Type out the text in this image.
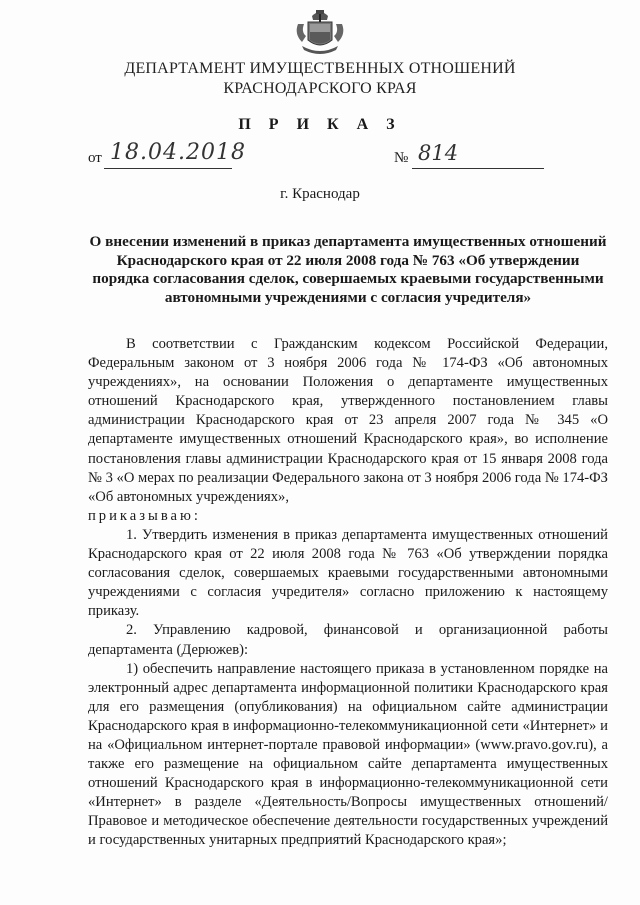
ДЕПАРТАМЕНТ ИМУЩЕСТВЕННЫХ ОТНОШЕНИЙ
КРАСНОДАРСКОГО КРАЯ
П Р И К А З
от 18.04.2018	№ 814
г. Краснодар
О внесении изменений в приказ департамента имущественных отношений Краснодарского края от 22 июля 2008 года № 763 «Об утверждении порядка согласования сделок, совершаемых краевыми государственными автономными учреждениями с согласия учредителя»

В соответствии с Гражданским кодексом Российской Федерации, Федеральным законом от 3 ноября 2006 года № 174-ФЗ «Об автономных учреждениях», на основании Положения о департаменте имущественных отношений Краснодарского края, утвержденного постановлением главы администрации Краснодарского края от 23 апреля 2007 года № 345 «О департаменте имущественных отношений Краснодарского края», во исполнение постановления главы администрации Краснодарского края от 15 января 2008 года № 3 «О мерах по реализации Федерального закона от 3 ноября 2006 года № 174-ФЗ «Об автономных учреждениях»,

приказываю:

1. Утвердить изменения в приказ департамента имущественных отношений Краснодарского края от 22 июля 2008 года № 763 «Об утверждении порядка согласования сделок, совершаемых краевыми государственными автономными учреждениями с согласия учредителя» согласно приложению к настоящему приказу.

2. Управлению кадровой, финансовой и организационной работы департамента (Дерюжев):

1) обеспечить направление настоящего приказа в установленном порядке на электронный адрес департамента информационной политики Краснодарского края для его размещения (опубликования) на официальном сайте администрации Краснодарского края в информационно-телекоммуникационной сети «Интернет» и на «Официальном интернет-портале правовой информации» (www.pravo.gov.ru), а также его размещение на официальном сайте департамента имущественных отношений Краснодарского края в информационно-телекоммуникационной сети «Интернет» в разделе «Деятельность/Вопросы имущественных отношений/Правовое и методическое обеспечение деятельности государственных учреждений и государственных унитарных предприятий Краснодарского края»;
